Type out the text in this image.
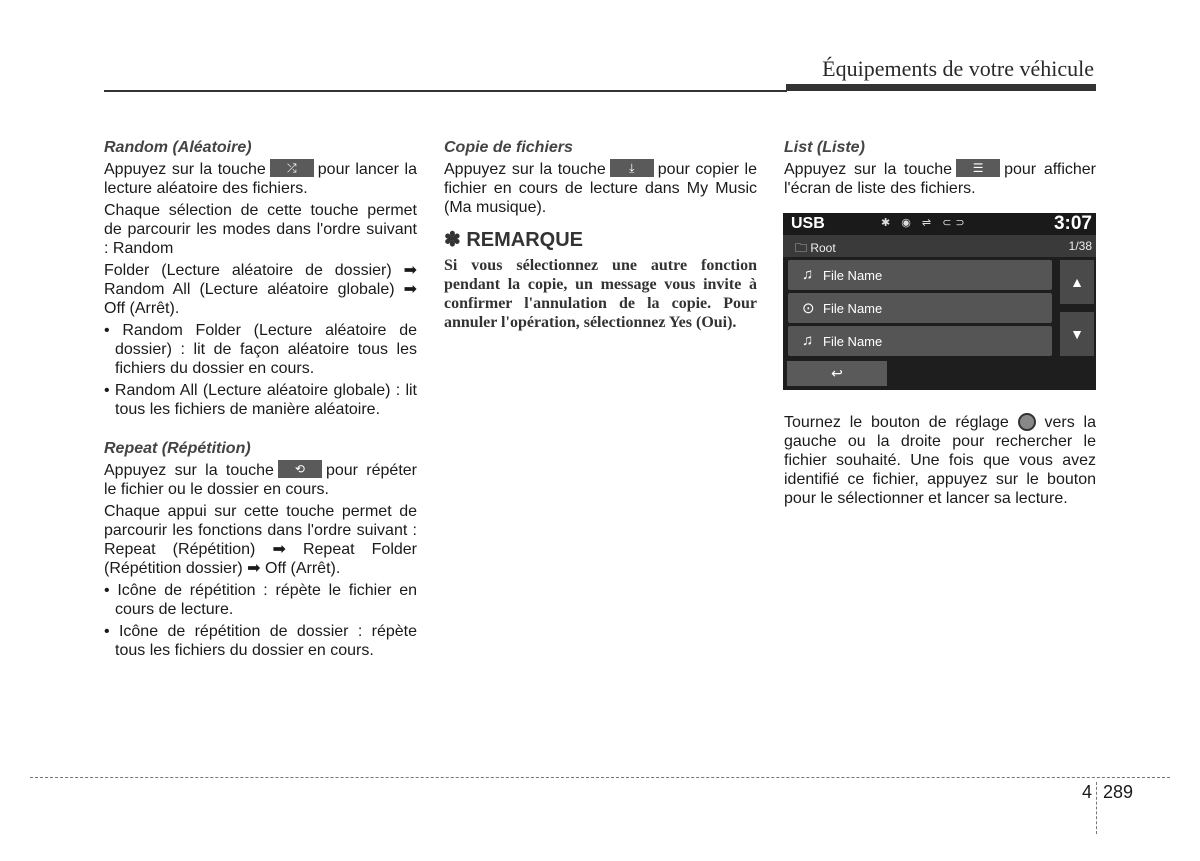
Équipements de votre véhicule
Random (Aléatoire)

Appuyez sur la touche	⤮	pour lancer la lecture aléatoire des fichiers.

Chaque sélection de cette touche permet de parcourir les modes dans l'ordre suivant : Random

Folder (Lecture aléatoire de dossier) ➡ Random All (Lecture aléatoire globale) ➡ Off (Arrêt).

• Random Folder (Lecture aléatoire de dossier) : lit de façon aléatoire tous les fichiers du dossier en cours.

• Random All (Lecture aléatoire globale) : lit tous les fichiers de manière aléatoire.

Repeat (Répétition)

Appuyez sur la touche	⟲	pour répéter le fichier ou le dossier en cours.

Chaque appui sur cette touche permet de parcourir les fonctions dans l'ordre suivant : Repeat (Répétition) ➡ Repeat Folder (Répétition dossier) ➡ Off (Arrêt).

• Icône de répétition : répète le fichier en cours de lecture.

• Icône de répétition de dossier : répète tous les fichiers du dossier en cours.

Copie de fichiers

Appuyez sur la touche	⤓	pour copier le fichier en cours de lecture dans My Music (Ma musique).

✽ REMARQUE
Si vous sélectionnez une autre fonction pendant la copie, un message vous invite à confirmer l'annulation de la copie. Pour annuler l'opération, sélectionnez Yes (Oui).
List (Liste)

Appuyez sur la touche	☰	pour afficher l'écran de liste des fichiers.

USB	✱ ◉ ⇌ ⊂⊃	3:07
🗀 Root	1/38
♫ File Name
⊙ File Name
♫ File Name
▲
▼
↩

Tournez le bouton de réglage vers la gauche ou la droite pour rechercher le fichier souhaité. Une fois que vous avez identifié ce fichier, appuyez sur le bouton pour le sélectionner et lancer sa lecture.

4 289
